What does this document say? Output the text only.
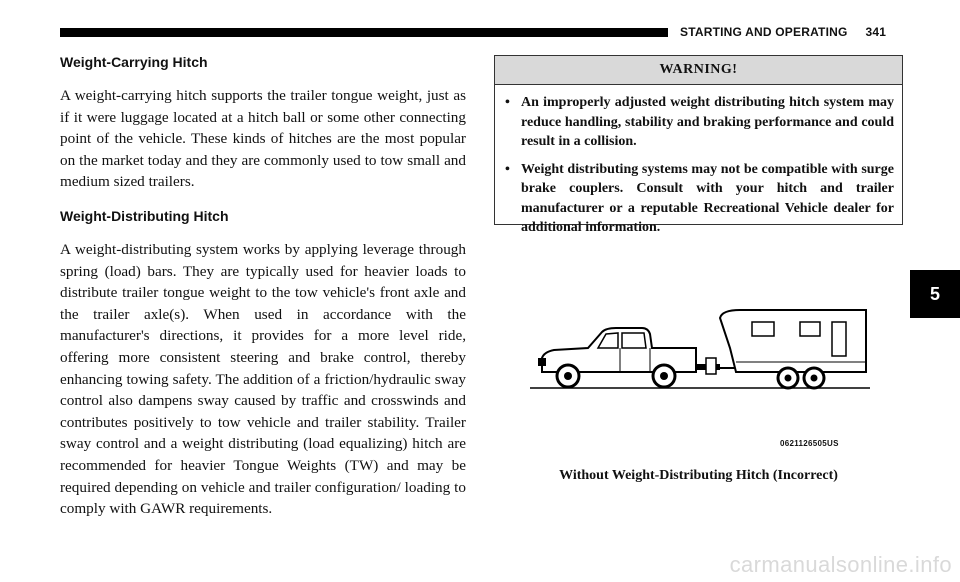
STARTING AND OPERATING 341
Weight-Carrying Hitch
A weight-carrying hitch supports the trailer tongue weight, just as if it were luggage located at a hitch ball or some other connecting point of the vehicle. These kinds of hitches are the most popular on the market today and they are commonly used to tow small and medium sized trailers.
Weight-Distributing Hitch
A weight-distributing system works by applying leverage through spring (load) bars. They are typically used for heavier loads to distribute trailer tongue weight to the tow vehicle's front axle and the trailer axle(s). When used in accordance with the manufacturer's directions, it provides for a more level ride, offering more consistent steering and brake control, thereby enhancing towing safety. The addition of a friction/hydraulic sway control also dampens sway caused by traffic and crosswinds and contributes positively to tow vehicle and trailer stability. Trailer sway control and a weight distributing (load equalizing) hitch are recommended for heavier Tongue Weights (TW) and may be required depending on vehicle and trailer configuration/ loading to comply with GAWR requirements.
WARNING!
• An improperly adjusted weight distributing hitch system may reduce handling, stability and braking performance and could result in a collision.
• Weight distributing systems may not be compatible with surge brake couplers. Consult with your hitch and trailer manufacturer or a reputable Recreational Vehicle dealer for additional information.
0621126505US
Without Weight-Distributing Hitch (Incorrect)
5
carmanualsonline.info
